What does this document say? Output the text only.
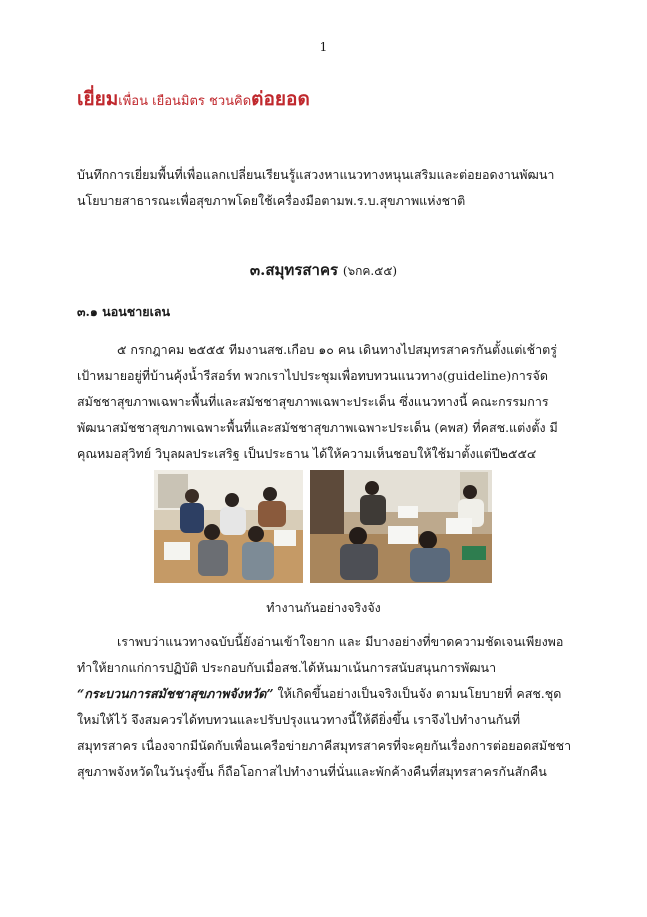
1
เยี่ยมเพื่อน เยือนมิตร ชวนคิดต่อยอด

บันทึกการเยี่ยมพื้นที่เพื่อแลกเปลี่ยนเรียนรู้แสวงหาแนวทางหนุนเสริมและต่อยอดงานพัฒนานโยบายสาธารณะเพื่อสุขภาพโดยใช้เครื่องมือตามพ.ร.บ.สุขภาพแห่งชาติ

๓.สมุทรสาคร (๖กค.๕๕)
๓.๑ นอนชายเลน

๕ กรกฎาคม ๒๕๕๕ ทีมงานสช.เกือบ ๑๐ คน เดินทางไปสมุทรสาครกันตั้งแต่เช้าตรู่ เป้าหมายอยู่ที่บ้านคุ้งน้ำรีสอร์ท พวกเราไปประชุมเพื่อทบทวนแนวทาง(guideline)การจัดสมัชชาสุขภาพเฉพาะพื้นที่และสมัชชาสุขภาพเฉพาะประเด็น ซึ่งแนวทางนี้ คณะกรรมการพัฒนาสมัชชาสุขภาพเฉพาะพื้นที่และสมัชชาสุขภาพเฉพาะประเด็น (คพส) ที่คสช.แต่งตั้ง มีคุณหมอสุวิทย์ วิบุลผลประเสริฐ เป็นประธาน ได้ให้ความเห็นชอบให้ใช้มาตั้งแต่ปี๒๕๕๔

ทำงานกันอย่างจริงจัง

เราพบว่าแนวทางฉบับนี้ยังอ่านเข้าใจยาก และ มีบางอย่างที่ขาดความชัดเจนเพียงพอ ทำให้ยากแก่การปฏิบัติ ประกอบกับเมื่อสช.ได้หันมาเน้นการสนับสนุนการพัฒนา “กระบวนการสมัชชาสุขภาพจังหวัด” ให้เกิดขึ้นอย่างเป็นจริงเป็นจัง ตามนโยบายที่ คสช.ชุดใหม่ให้ไว้ จึงสมควรได้ทบทวนและปรับปรุงแนวทางนี้ให้ดียิ่งขึ้น เราจึงไปทำงานกันที่สมุทรสาคร เนื่องจากมีนัดกับเพื่อนเครือข่ายภาคีสมุทรสาครที่จะคุยกันเรื่องการต่อยอดสมัชชาสุขภาพจังหวัดในวันรุ่งขึ้น ก็ถือโอกาสไปทำงานที่นั่นและพักค้างคืนที่สมุทรสาครกันสักคืน
